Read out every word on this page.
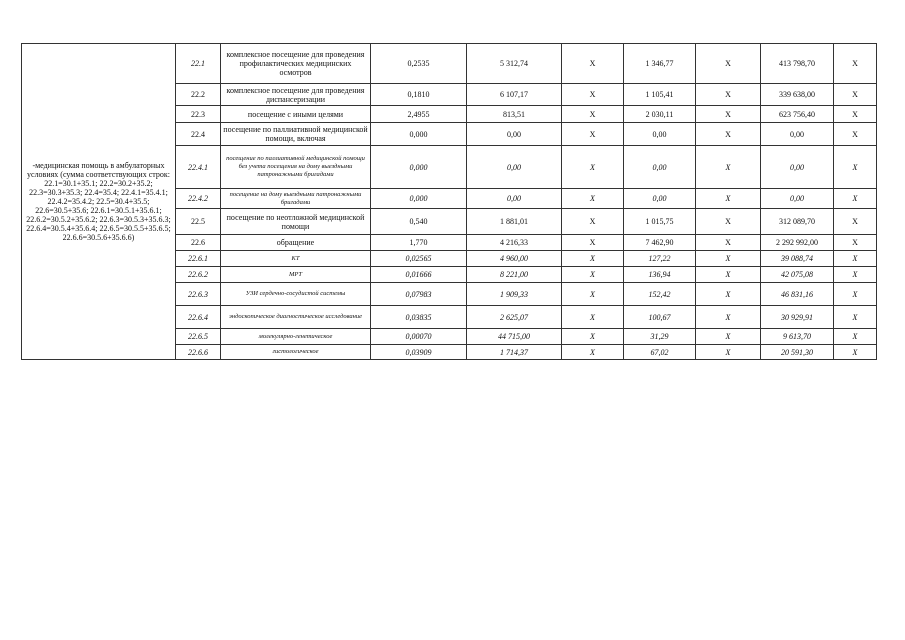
-медицинская помощь в амбулаторных условиях (сумма соответствующих строк: 22.1=30.1+35.1; 22.2=30.2+35.2; 22.3=30.3+35.3; 22.4=35.4; 22.4.1=35.4.1; 22.4.2=35.4.2; 22.5=30.4+35.5; 22.6=30.5+35.6; 22.6.1=30.5.1+35.6.1; 22.6.2=30.5.2+35.6.2; 22.6.3=30.5.3+35.6.3; 22.6.4=30.5.4+35.6.4; 22.6.5=30.5.5+35.6.5; 22.6.6=30.5.6+35.6.6)	22.1	комплексное посещение для проведения профилактических медицинских осмотров	0,2535	5 312,74	X	1 346,77	X	413 798,70	X
	22.2	комплексное посещение для проведения диспансеризации	0,1810	6 107,17	X	1 105,41	X	339 638,00	X
	22.3	посещение с иными целями	2,4955	813,51	X	2 030,11	X	623 756,40	X
	22.4	посещение по паллиативной медицинской помощи, включая	0,000	0,00	X	0,00	X	0,00	X
	22.4.1	посещение по паллиативной медицинской помощи без учета посещения на дому выездными патронажными бригадами	0,000	0,00	X	0,00	X	0,00	X
	22.4.2	посещение на дому выездными патронажными бригадами	0,000	0,00	X	0,00	X	0,00	X
	22.5	посещение по неотложной медицинской помощи	0,540	1 881,01	X	1 015,75	X	312 089,70	X
	22.6	обращение	1,770	4 216,33	X	7 462,90	X	2 292 992,00	X
	22.6.1	КТ	0,02565	4 960,00	X	127,22	X	39 088,74	X
	22.6.2	МРТ	0,01666	8 221,00	X	136,94	X	42 075,08	X
	22.6.3	УЗИ сердечно-сосудистой системы	0,07983	1 909,33	X	152,42	X	46 831,16	X
	22.6.4	эндоскопическое диагностическое исследование	0,03835	2 625,07	X	100,67	X	30 929,91	X
	22.6.5	молекулярно-генетическое	0,00070	44 715,00	X	31,29	X	9 613,70	X
	22.6.6	гистологическое	0,03909	1 714,37	X	67,02	X	20 591,30	X
